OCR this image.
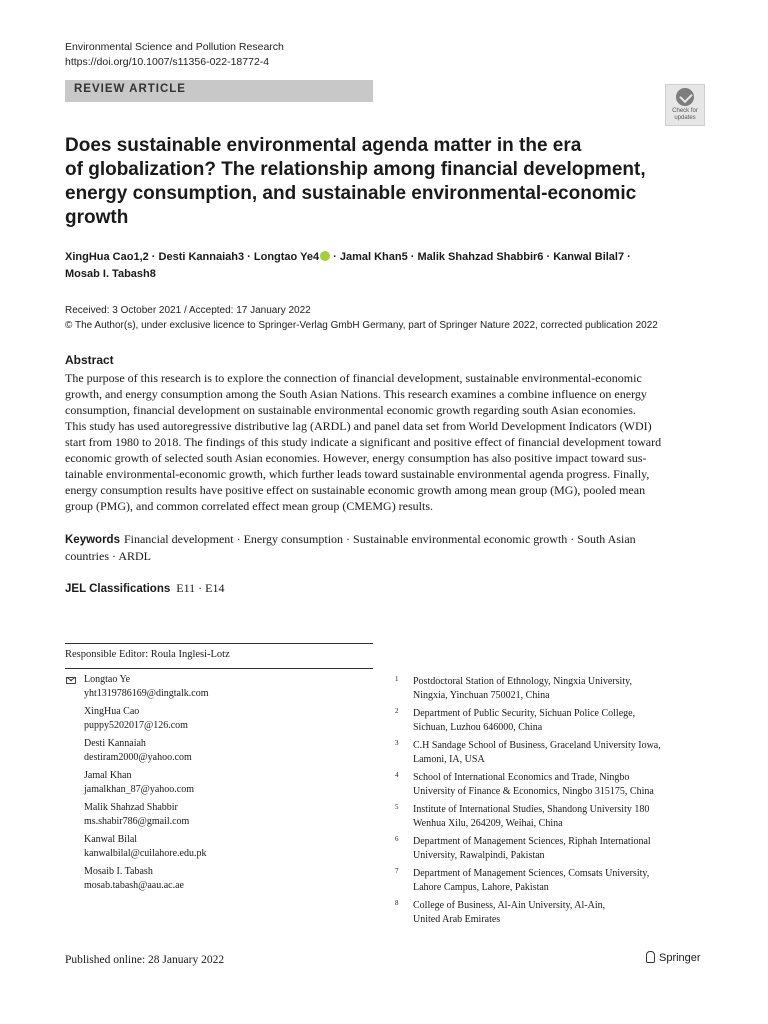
Environmental Science and Pollution Research
https://doi.org/10.1007/s11356-022-18772-4
REVIEW ARTICLE
Check for updates
Does sustainable environmental agenda matter in the era
of globalization? The relationship among financial development,
energy consumption, and sustainable environmental-economic
growth
XingHua Cao1,2 · Desti Kannaiah3 · Longtao Ye4 · Jamal Khan5 · Malik Shahzad Shabbir6 · Kanwal Bilal7 ·
Mosab I. Tabash8
Received: 3 October 2021 / Accepted: 17 January 2022
© The Author(s), under exclusive licence to Springer-Verlag GmbH Germany, part of Springer Nature 2022, corrected publication 2022
Abstract
The purpose of this research is to explore the connection of financial development, sustainable environmental-economic
growth, and energy consumption among the South Asian Nations. This research examines a combine influence on energy
consumption, financial development on sustainable environmental economic growth regarding south Asian economies.
This study has used autoregressive distributive lag (ARDL) and panel data set from World Development Indicators (WDI)
start from 1980 to 2018. The findings of this study indicate a significant and positive effect of financial development toward
economic growth of selected south Asian economies. However, energy consumption has also positive impact toward sus-
tainable environmental-economic growth, which further leads toward sustainable environmental agenda progress. Finally,
energy consumption results have positive effect on sustainable economic growth among mean group (MG), pooled mean
group (PMG), and common correlated effect mean group (CMEMG) results.
Keywords Financial development · Energy consumption · Sustainable environmental economic growth · South Asian
countries · ARDL
JEL Classifications E11 · E14
Responsible Editor: Roula Inglesi-Lotz
Longtao Ye
yht1319786169@dingtalk.com
XingHua Cao
puppy5202017@126.com
Desti Kannaiah
destiram2000@yahoo.com
Jamal Khan
jamalkhan_87@yahoo.com
Malik Shahzad Shabbir
ms.shabir786@gmail.com
Kanwal Bilal
kanwalbilal@cuilahore.edu.pk
Mosaib I. Tabash
mosab.tabash@aau.ac.ae
1 Postdoctoral Station of Ethnology, Ningxia University,
Ningxia, Yinchuan 750021, China
2 Department of Public Security, Sichuan Police College,
Sichuan, Luzhou 646000, China
3 C.H Sandage School of Business, Graceland University Iowa,
Lamoni, IA, USA
4 School of International Economics and Trade, Ningbo
University of Finance & Economics, Ningbo 315175, China
5 Institute of International Studies, Shandong University 180
Wenhua Xilu, 264209, Weihai, China
6 Department of Management Sciences, Riphah International
University, Rawalpindi, Pakistan
7 Department of Management Sciences, Comsats University,
Lahore Campus, Lahore, Pakistan
8 College of Business, Al-Ain University, Al-Ain,
United Arab Emirates
Published online: 28 January 2022	Springer
